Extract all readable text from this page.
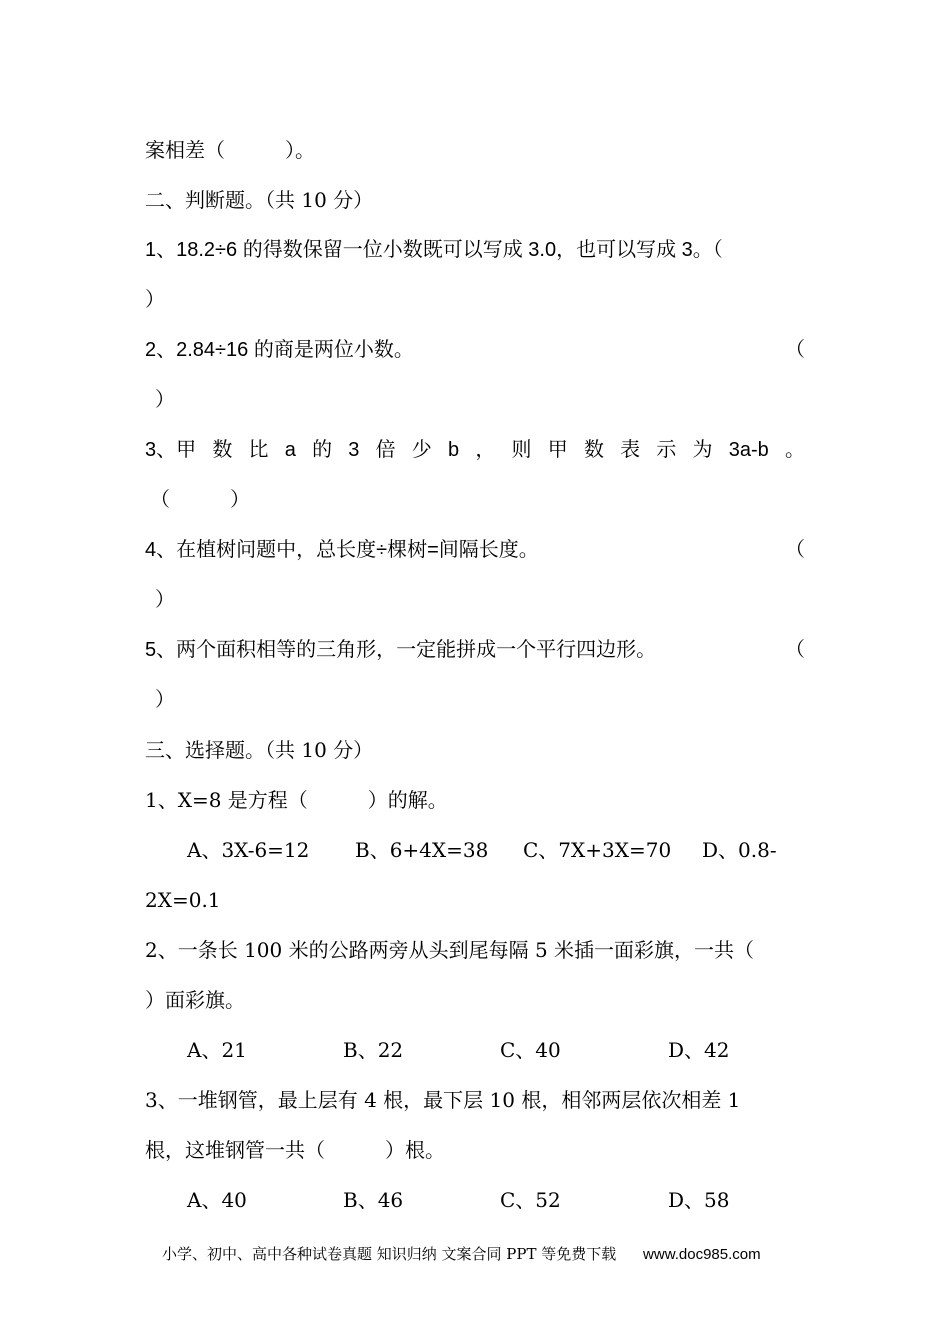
案相差（　　　）。
二、判断题。（共 10 分）
1、18.2÷6 的得数保留一位小数既可以写成 3.0，也可以写成 3。（
）
2、2.84÷16 的商是两位小数。	（
）
3、甲 数 比 a 的 3 倍 少 b ， 则 甲 数 表 示 为 3a-b 。
（　　　）
4、在植树问题中，总长度÷棵树=间隔长度。	（
）
5、两个面积相等的三角形，一定能拼成一个平行四边形。	（
）
三、选择题。（共 10 分）
1、X=8 是方程（　　　）的解。
A、3X-6=12 B、6+4X=38 C、7X+3X=70 D、0.8-
2X=0.1
2、一条长 100 米的公路两旁从头到尾每隔 5 米插一面彩旗，一共（
）面彩旗。
A、21	B、22	C、40	D、42
3、一堆钢管，最上层有 4 根，最下层 10 根，相邻两层依次相差 1
根，这堆钢管一共（　　　）根。
A、40	B、46	C、52	D、58
小学、初中、高中各种试卷真题 知识归纳 文案合同 PPT 等免费下载 www.doc985.com
